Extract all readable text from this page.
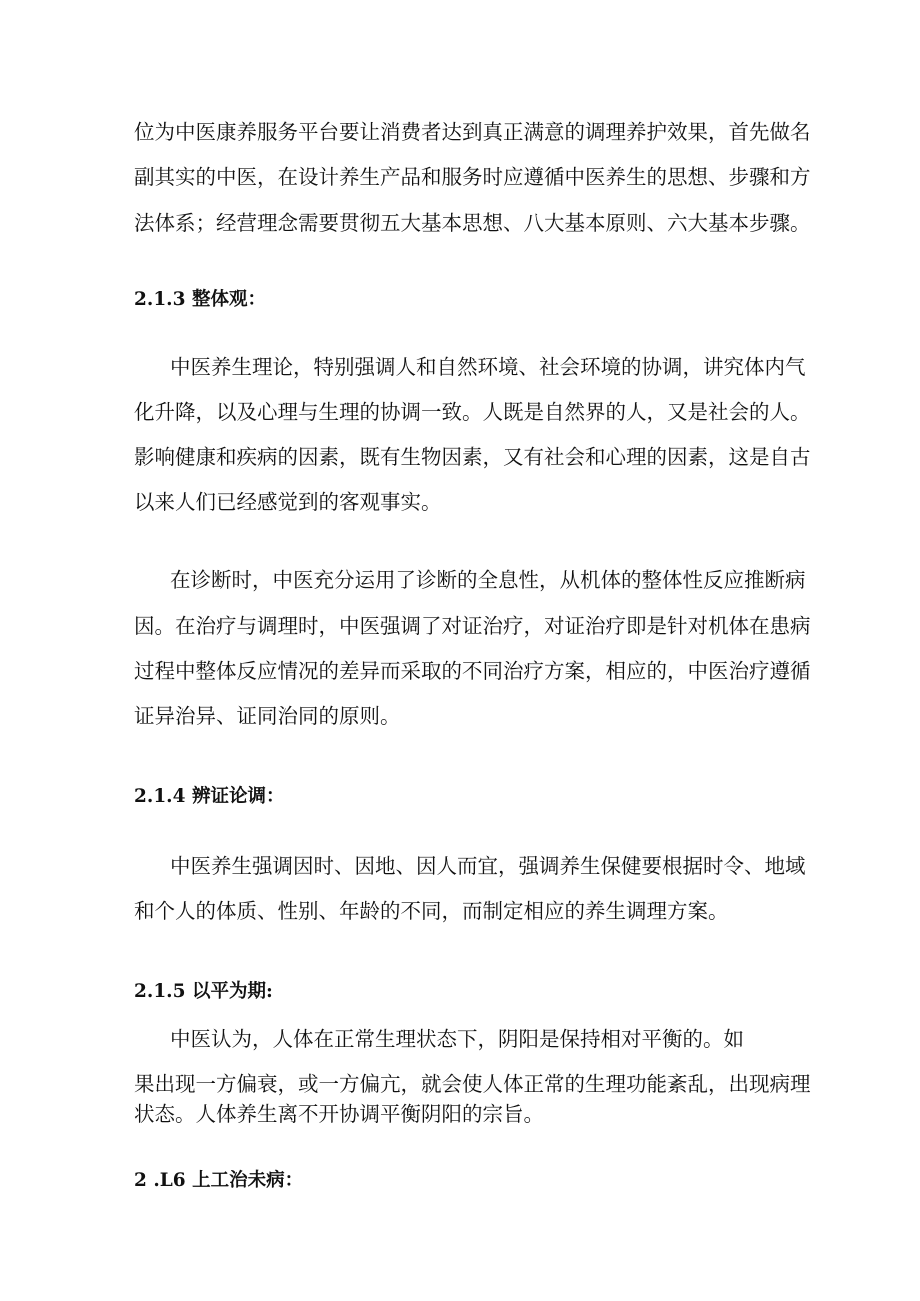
位为中医康养服务平台要让消费者达到真正满意的调理养护效果，首先做名

副其实的中医，在设计养生产品和服务时应遵循中医养生的思想、步骤和方

法体系；经营理念需要贯彻五大基本思想、八大基本原则、六大基本步骤。

2.1.3 整体观：

中医养生理论，特别强调人和自然环境、社会环境的协调，讲究体内气

化升降，以及心理与生理的协调一致。人既是自然界的人，又是社会的人。

影响健康和疾病的因素，既有生物因素，又有社会和心理的因素，这是自古

以来人们已经感觉到的客观事实。

在诊断时，中医充分运用了诊断的全息性，从机体的整体性反应推断病

因。在治疗与调理时，中医强调了对证治疗，对证治疗即是针对机体在患病

过程中整体反应情况的差异而采取的不同治疗方案，相应的，中医治疗遵循

证异治异、证同治同的原则。

2.1.4 辨证论调：

中医养生强调因时、因地、因人而宜，强调养生保健要根据时令、地域

和个人的体质、性别、年龄的不同，而制定相应的养生调理方案。

2.1.5 以平为期:

中医认为，人体在正常生理状态下，阴阳是保持相对平衡的。如

果出现一方偏衰，或一方偏亢，就会使人体正常的生理功能紊乱，出现病理

状态。人体养生离不开协调平衡阴阳的宗旨。

2 .L6 上工治未病：
